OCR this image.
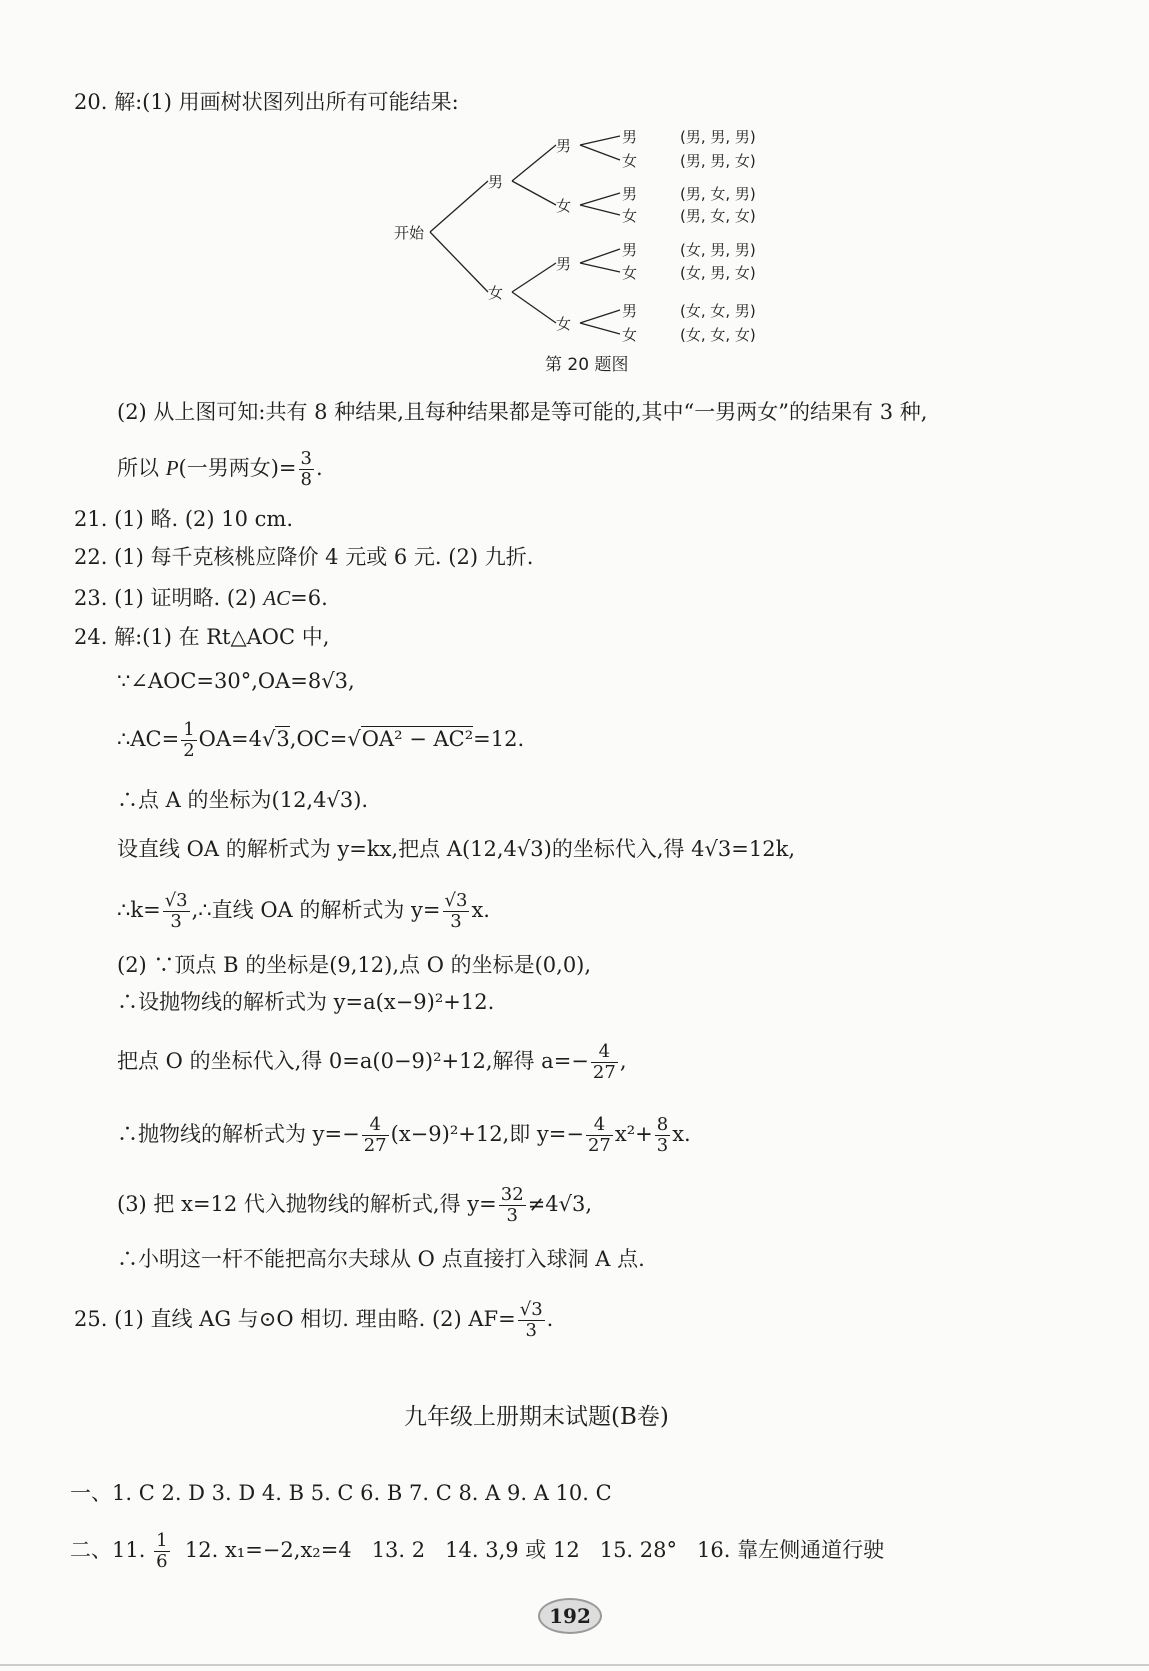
20. 解:(1) 用画树状图列出所有可能结果:
开始
男
女
男
女
男
女
男
女
男
女
男
女
男
女
(男, 男, 男)
(男, 男, 女)
(男, 女, 男)
(男, 女, 女)
(女, 男, 男)
(女, 男, 女)
(女, 女, 男)
(女, 女, 女)
第 20 题图
(2) 从上图可知:共有 8 种结果,且每种结果都是等可能的,其中“一男两女”的结果有 3 种,
所以 P(一男两女)= $\frac{3}{8}$ .
21. (1) 略. (2) 10 cm.
22. (1) 每千克核桃应降价 4 元或 6 元. (2) 九折.
23. (1) 证明略. (2) AC=6.
24. 解:(1) 在 Rt△AOC 中,
∵∠AOC=30°,OA=8√3,
∴AC= $\frac{1}{2} OA=4√3,OC=√OA^2 - AC^2=12$.
∴点 A 的坐标为(12,4√3).
设直线 OA 的解析式为 y=kx,把点 A(12,4√3)的坐标代入,得 4√3=12k,
∴k= $\frac{√3}{3}$ ,∴直线 OA 的解析式为 $y= \frac{√3}{3} x$.
(2) ∵顶点 B 的坐标是(9,12),点 O 的坐标是(0,0),
∴设抛物线的解析式为 y=a(x−9)²+12.
把点 O 的坐标代入,得 0=a(0−9)²+12,解得 $a=- \frac{4}{27}$ ,
∴抛物线的解析式为 $y=- \frac{4}{27} (x-9)^2+12$,即 $y=- \frac{4}{27} x^2+ \frac{8}{3} x$.
(3) 把 x=12 代入抛物线的解析式,得 $y= \frac{32}{3} \ne 4√3$,
∴小明这一杆不能把高尔夫球从 O 点直接打入球洞 A 点.
25. (1) 直线 AG 与⊙O 相切. 理由略. (2) $AF= \frac{√3}{3}$ .
九年级上册期末试题(B卷)
一、1. C 2. D 3. D 4. B 5. C 6. B 7. C 8. A 9. A 10. C
二、11. $\frac{1}{6} 12$. x₁=−2,x₂=4   13. 2   14. 3,9 或 12   15. 28°   16. 靠左侧通道行驶
192
